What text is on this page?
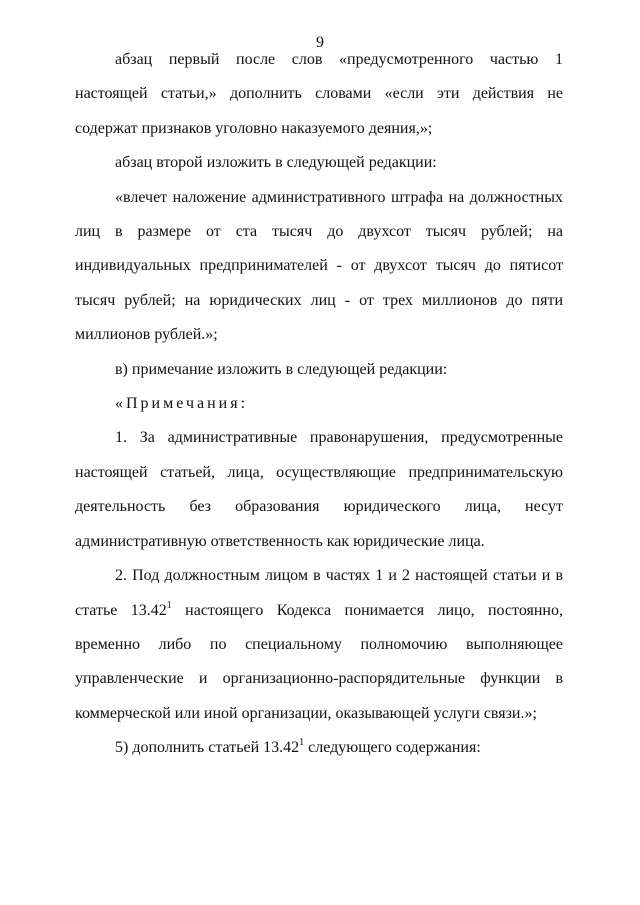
9

абзац первый после слов «предусмотренного частью 1 настоящей статьи,» дополнить словами «если эти действия не содержат признаков уголовно наказуемого деяния,»;

абзац второй изложить в следующей редакции:

«влечет наложение административного штрафа на должностных лиц в размере от ста тысяч до двухсот тысяч рублей; на индивидуальных предпринимателей - от двухсот тысяч до пятисот тысяч рублей; на юридических лиц - от трех миллионов до пяти миллионов рублей.»;

в) примечание изложить в следующей редакции:

«Примечания:

1. За административные правонарушения, предусмотренные

настоящей статьей, лица, осуществляющие предпринимательскую

деятельность без образования юридического лица, несут

административную ответственность как юридические лица.

2. Под должностным лицом в частях 1 и 2 настоящей статьи и в статье 13.42$^1$ настоящего Кодекса понимается лицо, постоянно, временно либо по специальному полномочию выполняющее управленческие и организационно-распорядительные функции в коммерческой или иной организации, оказывающей услуги связи.»;

5) дополнить статьей 13.42$^1$ следующего содержания:
